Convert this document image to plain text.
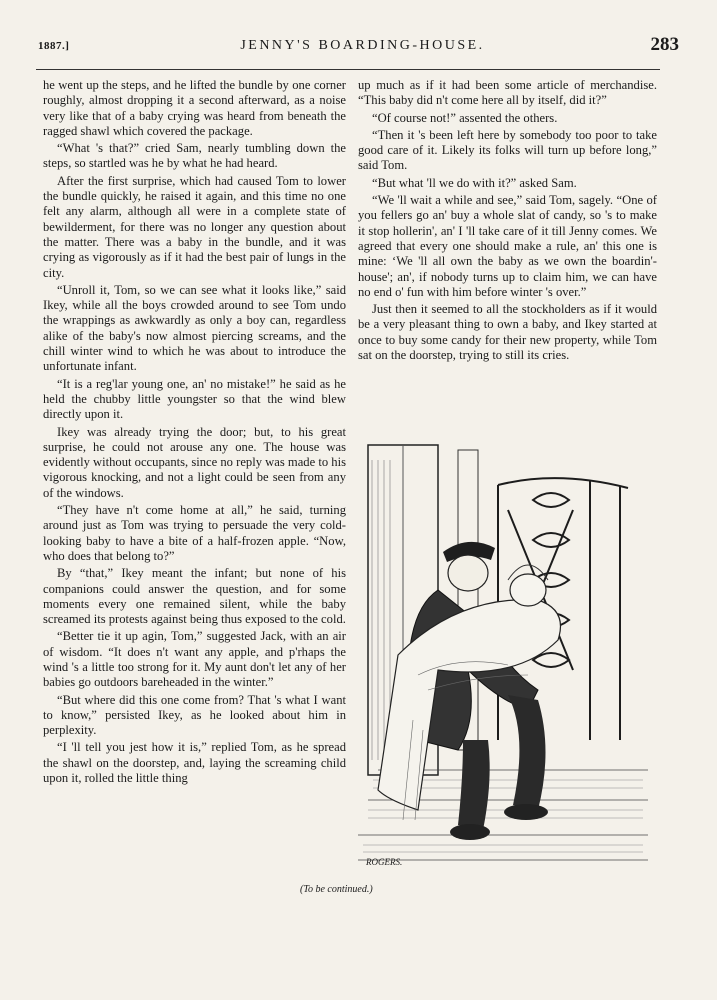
1887.]	JENNY'S BOARDING-HOUSE.	283

he went up the steps, and he lifted the bundle by one corner roughly, almost dropping it a second afterward, as a noise very like that of a baby crying was heard from beneath the ragged shawl which covered the package.

“What 's that?” cried Sam, nearly tumbling down the steps, so startled was he by what he had heard.

After the first surprise, which had caused Tom to lower the bundle quickly, he raised it again, and this time no one felt any alarm, although all were in a complete state of bewilderment, for there was no longer any question about the matter. There was a baby in the bundle, and it was crying as vigorously as if it had the best pair of lungs in the city.

“Unroll it, Tom, so we can see what it looks like,” said Ikey, while all the boys crowded around to see Tom undo the wrappings as awkwardly as only a boy can, regardless alike of the baby's now almost piercing screams, and the chill winter wind to which he was about to introduce the unfortunate infant.

“It is a reg'lar young one, an' no mistake!” he said as he held the chubby little youngster so that the wind blew directly upon it.

Ikey was already trying the door; but, to his great surprise, he could not arouse any one. The house was evidently without occupants, since no reply was made to his vigorous knocking, and not a light could be seen from any of the windows.

“They have n't come home at all,” he said, turning around just as Tom was trying to persuade the very cold-looking baby to have a bite of a half-frozen apple. “Now, who does that belong to?”

By “that,” Ikey meant the infant; but none of his companions could answer the question, and for some moments every one remained silent, while the baby screamed its protests against being thus exposed to the cold.

“Better tie it up agin, Tom,” suggested Jack, with an air of wisdom. “It does n't want any apple, and p'rhaps the wind 's a little too strong for it. My aunt don't let any of her babies go outdoors bareheaded in the winter.”

“But where did this one come from? That 's what I want to know,” persisted Ikey, as he looked about him in perplexity.

“I 'll tell you jest how it is,” replied Tom, as he spread the shawl on the doorstep, and, laying the screaming child upon it, rolled the little thing

up much as if it had been some article of merchandise. “This baby did n't come here all by itself, did it?”

“Of course not!” assented the others.

“Then it 's been left here by somebody too poor to take good care of it. Likely its folks will turn up before long,” said Tom.

“But what 'll we do with it?” asked Sam.

“We 'll wait a while and see,” said Tom, sagely. “One of you fellers go an' buy a whole slat of candy, so 's to make it stop hollerin', an' I 'll take care of it till Jenny comes. We agreed that every one should make a rule, an' this one is mine: ‘We 'll all own the baby as we own the boardin'-house'; an', if nobody turns up to claim him, we can have no end o' fun with him before winter 's over.”

Just then it seemed to all the stockholders as if it would be a very pleasant thing to own a baby, and Ikey started at once to buy some candy for their new property, while Tom sat on the doorstep, trying to still its cries.

ROGERS.
(To be continued.)
